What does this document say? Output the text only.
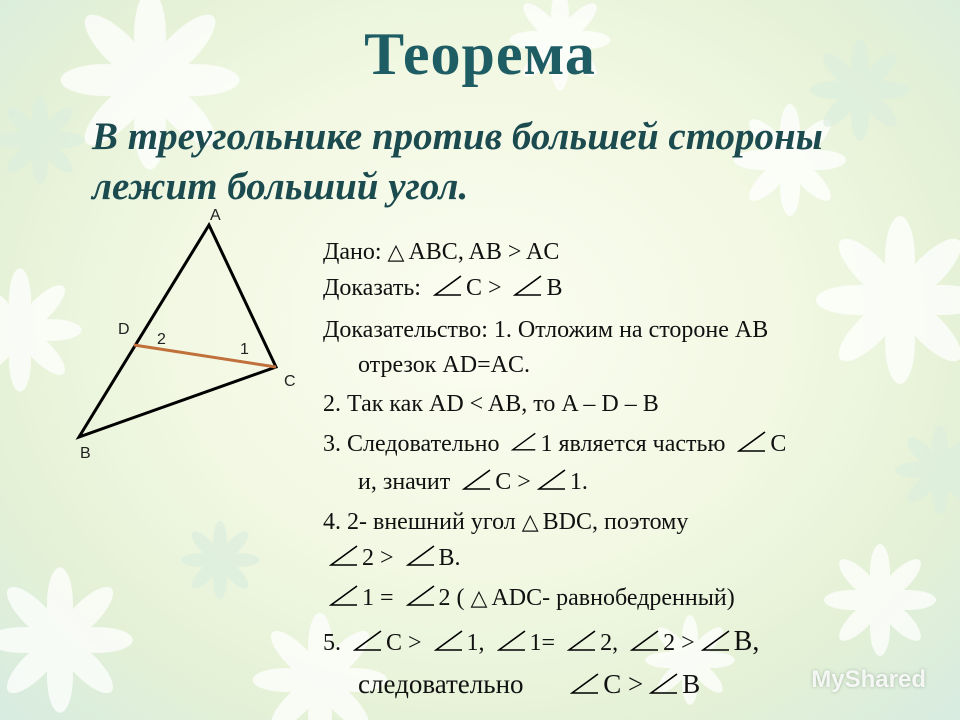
Теорема
В треугольнике против большей стороны
лежит больший угол.
A
B
C
D
2
1
Дано: △ ABC, AB > AC
Доказать: C > B
Доказательство: 1. Отложим на стороне AB
отрезок AD=AC.
2. Так как AD < AB, то A – D – B
3. Следовательно 1 является частью C
и, значит C > 1.
4. 2- внешний угол △ BDC, поэтому
2 > B.
1 = 2 ( △ ADC- равнобедренный)
5. C > 1, 1= 2, 2 > B,
следовательно	C > B	MyShared
